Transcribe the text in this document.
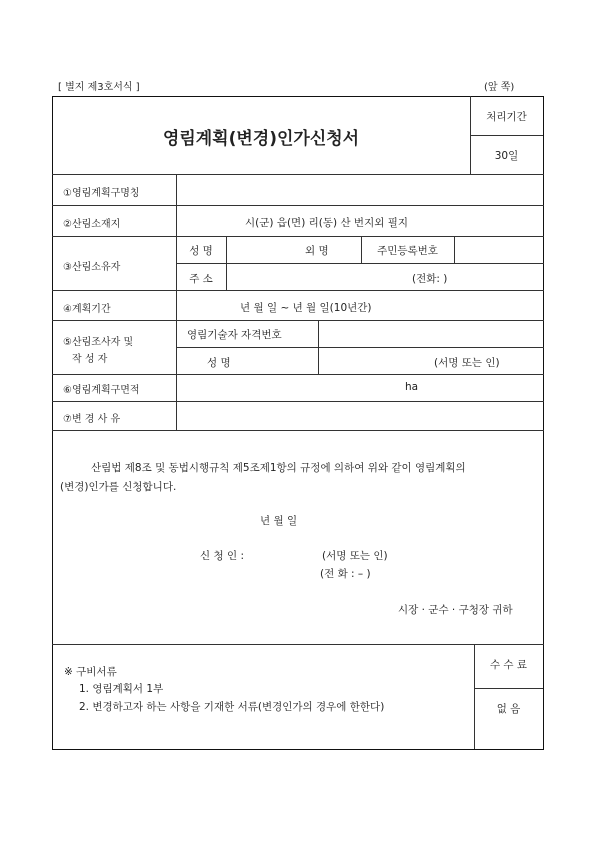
[ 별지 제3호서식 ]	(앞 쪽)
영림계획(변경)인가신청서
처리기간
30일
①영림계획구명칭
②산림소재지	시(군) 읍(면) 리(동) 산 번지외 필지
③산림소유자
성 명	외 명	주민등록번호
주 소	(전화: )
④계획기간	년 월 일 ~ 년 월 일(10년간)
⑤산림조사자 및
작 성 자
영림기술자 자격번호
성 명	(서명 또는 인)
⑥영림계획구면적	ha
⑦변 경 사 유
산림법 제8조 및 동법시행규칙 제5조제1항의 규정에 의하여 위와 같이 영림계획의
(변경)인가를 신청합니다.
년 월 일
신 청 인 :	(서명 또는 인)
(전 화 : – )
시장 · 군수 · 구청장 귀하
※ 구비서류
1. 영림계획서 1부
2. 변경하고자 하는 사항을 기재한 서류(변경인가의 경우에 한한다)
수 수 료
없 음
